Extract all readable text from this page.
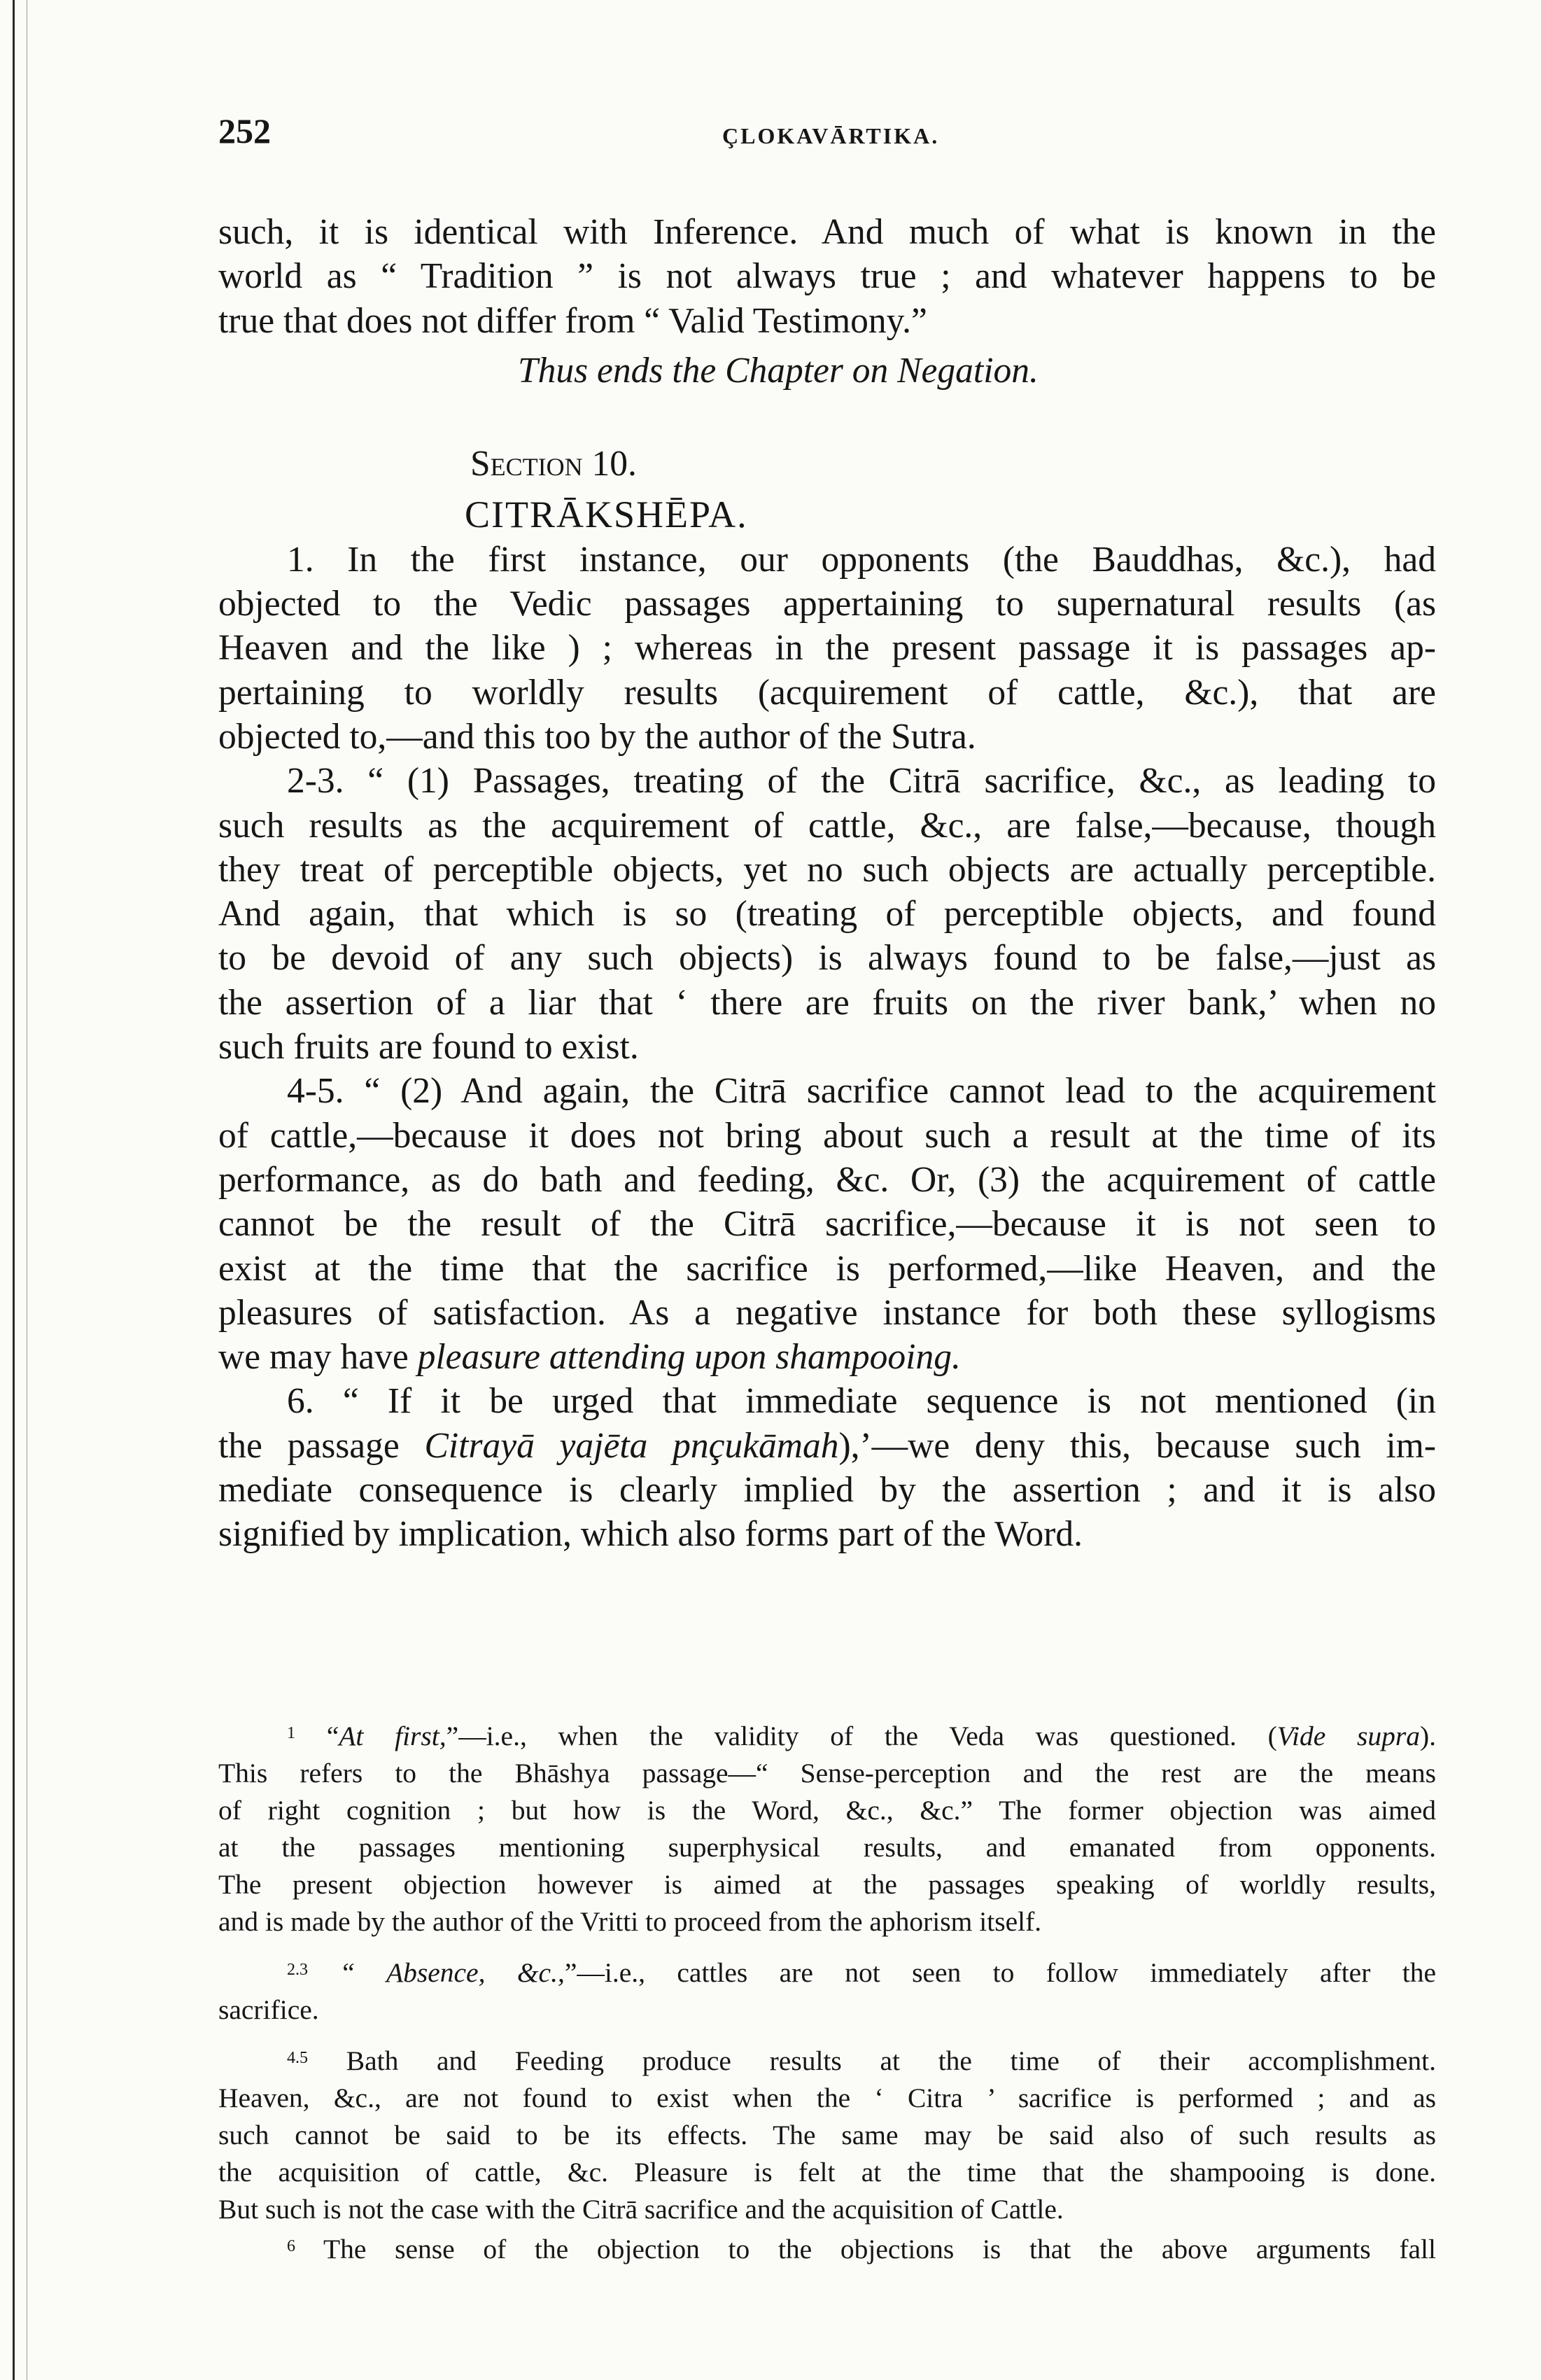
252	ÇLOKAVĀRTIKA.
such, it is identical with Inference. And much of what is known in the
world as “ Tradition ” is not always true ; and whatever happens to be
true that does not differ from “ Valid Testimony.”
Thus ends the Chapter on Negation.
Section 10.
CITRĀKSHĒPA.
1. In the first instance, our opponents (the Bauddhas, &c.), had
objected to the Vedic passages appertaining to supernatural results (as
Heaven and the like ) ; whereas in the present passage it is passages ap-
pertaining to worldly results (acquirement of cattle, &c.), that are
objected to,—and this too by the author of the Sutra.
2-3. “ (1) Passages, treating of the Citrā sacrifice, &c., as leading to
such results as the acquirement of cattle, &c., are false,—because, though
they treat of perceptible objects, yet no such objects are actually perceptible.
And again, that which is so (treating of perceptible objects, and found
to be devoid of any such objects) is always found to be false,—just as
the assertion of a liar that ‘ there are fruits on the river bank,’ when no
such fruits are found to exist.
4-5. “ (2) And again, the Citrā sacrifice cannot lead to the acquirement
of cattle,—because it does not bring about such a result at the time of its
performance, as do bath and feeding, &c. Or, (3) the acquirement of cattle
cannot be the result of the Citrā sacrifice,—because it is not seen to
exist at the time that the sacrifice is performed,—like Heaven, and the
pleasures of satisfaction. As a negative instance for both these syllogisms
we may have pleasure attending upon shampooing.
6. “ If it be urged that immediate sequence is not mentioned (in
the passage Citrayā yajēta pnçukāmah),’—we deny this, because such im-
mediate consequence is clearly implied by the assertion ; and it is also
signified by implication, which also forms part of the Word.
$^1$ “At first,”—i.e., when the validity of the Veda was questioned. (Vide supra).
This refers to the Bhāshya passage—“ Sense-perception and the rest are the means
of right cognition ; but how is the Word, &c., &c.” The former objection was aimed
at the passages mentioning superphysical results, and emanated from opponents.
The present objection however is aimed at the passages speaking of worldly results,
and is made by the author of the Vritti to proceed from the aphorism itself.
$^{2.3}$ “ Absence, &c.,”—i.e., cattles are not seen to follow immediately after the
sacrifice.
$^{4.5}$ Bath and Feeding produce results at the time of their accomplishment.
Heaven, &c., are not found to exist when the ‘ Citra ’ sacrifice is performed ; and as
such cannot be said to be its effects. The same may be said also of such results as
the acquisition of cattle, &c. Pleasure is felt at the time that the shampooing is done.
But such is not the case with the Citrā sacrifice and the acquisition of Cattle.
$^6$ The sense of the objection to the objections is that the above arguments fall
